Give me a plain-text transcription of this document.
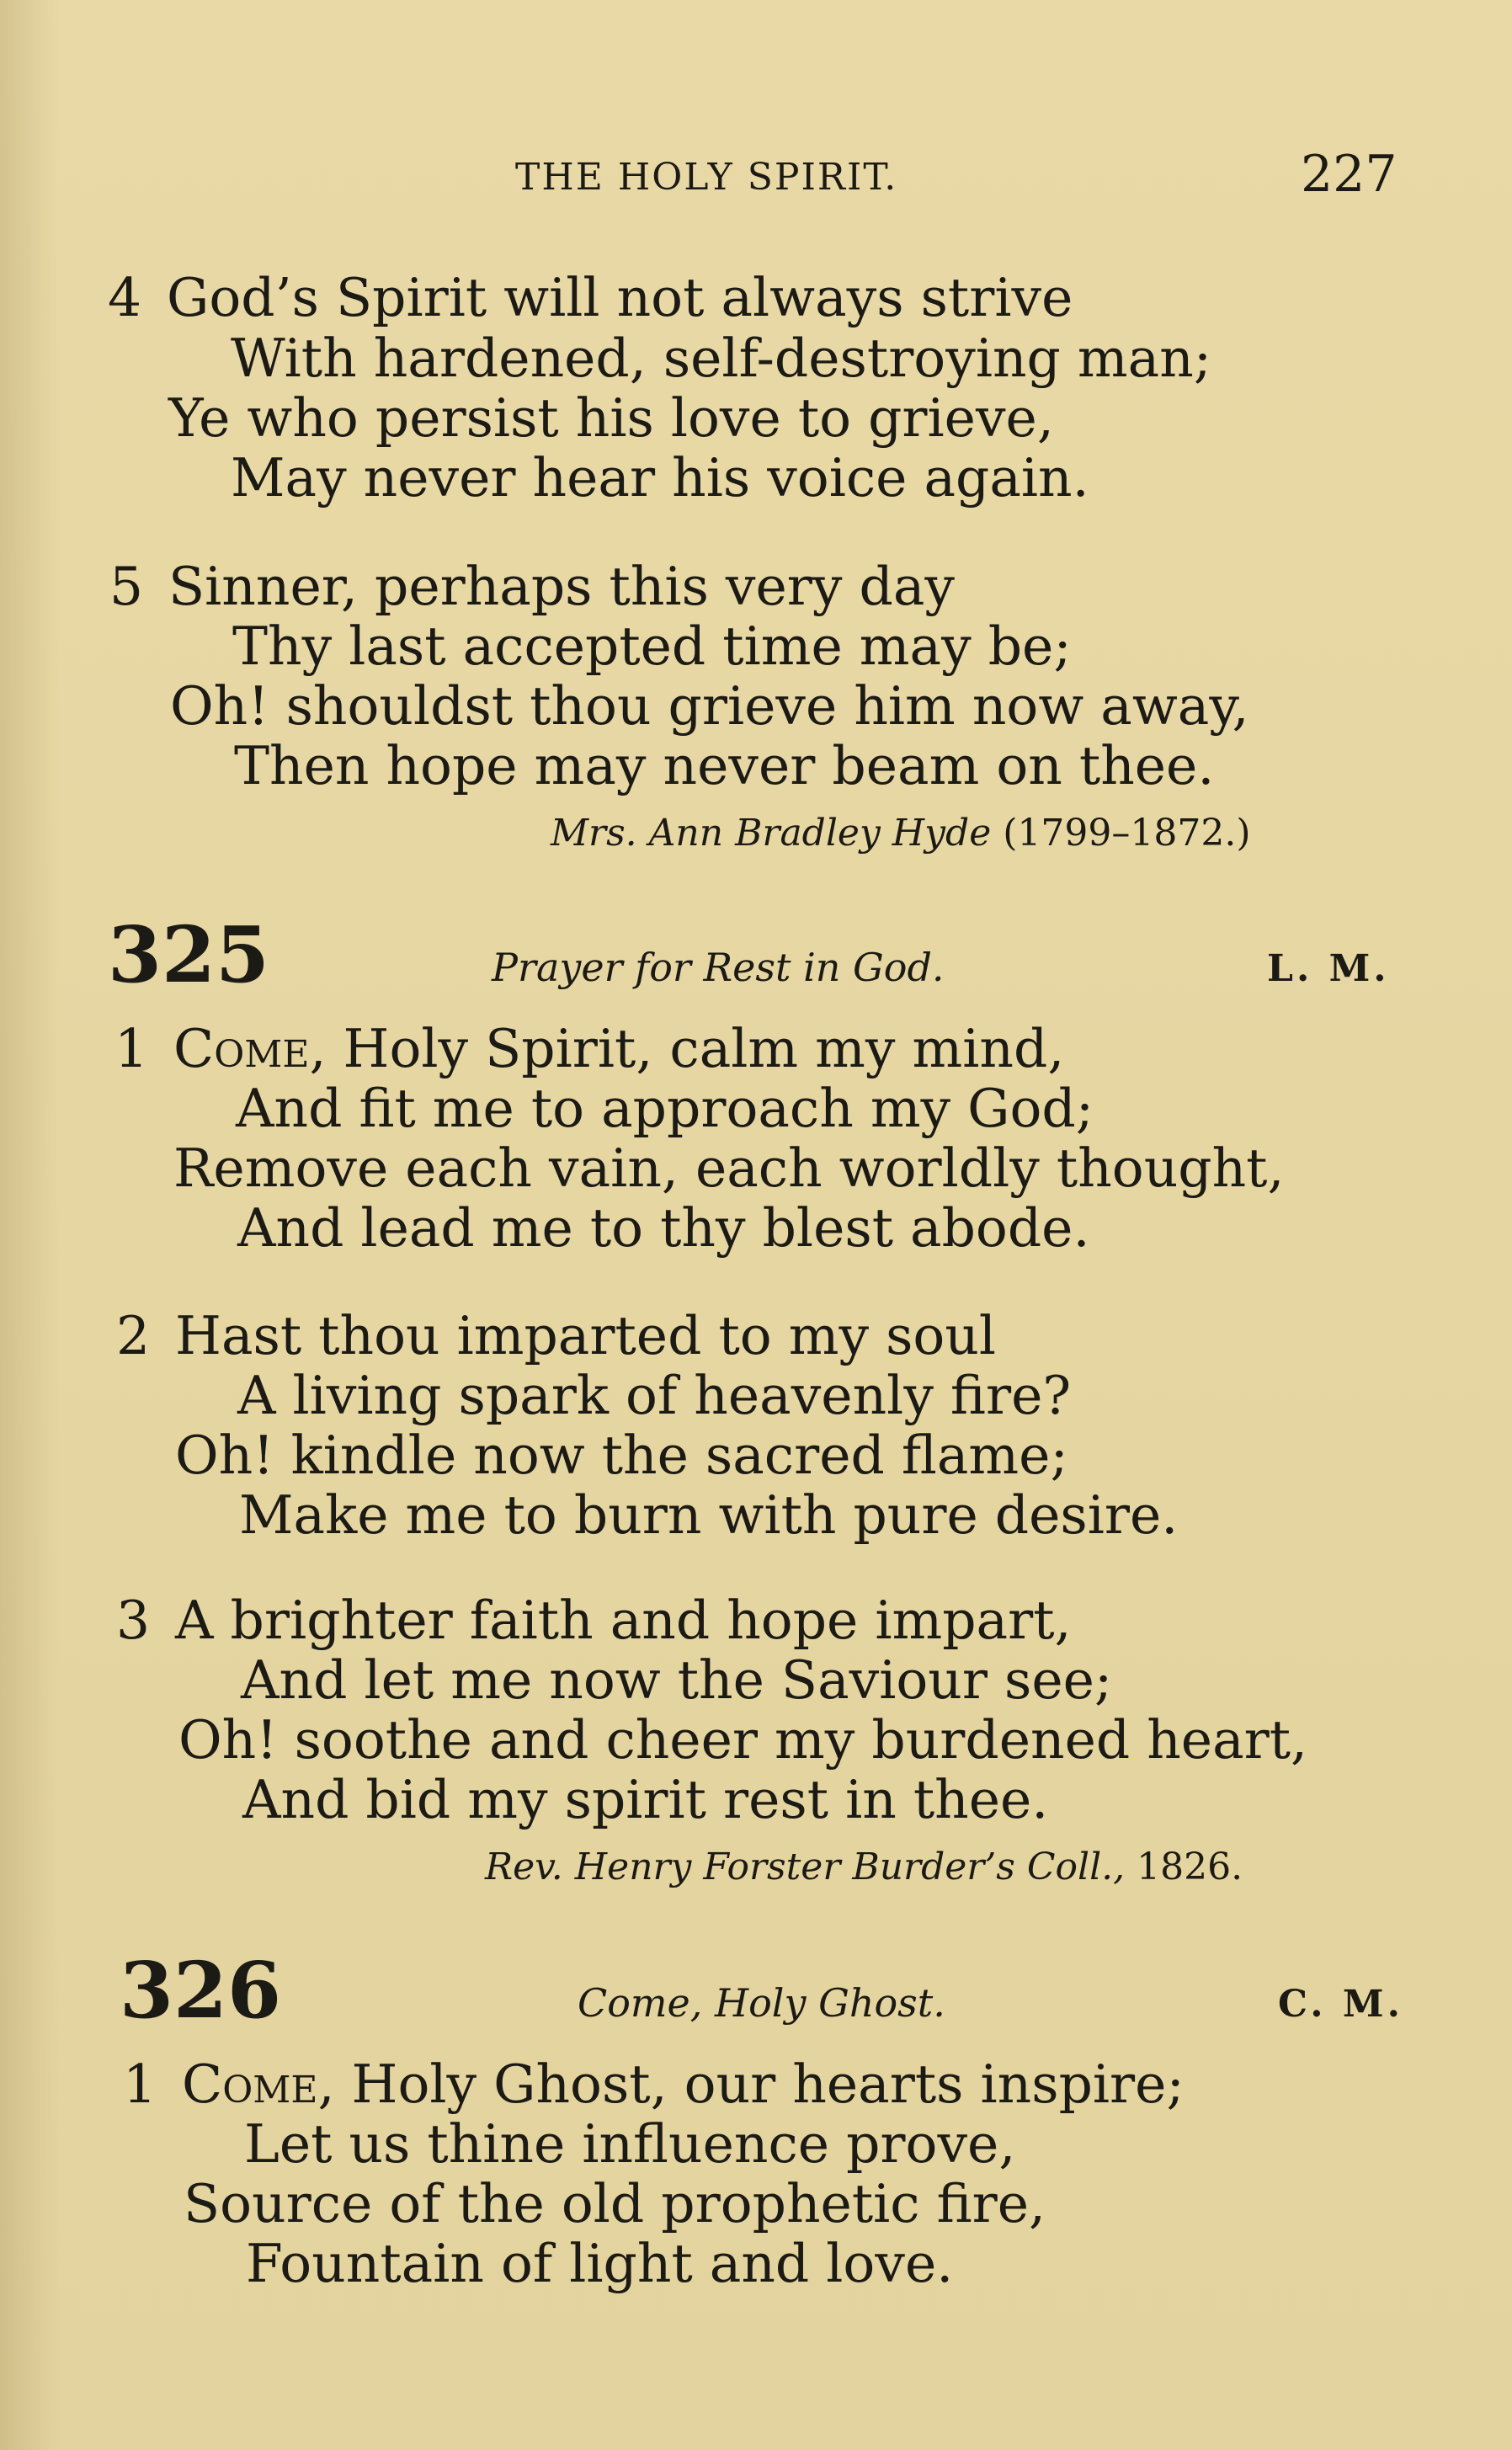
THE HOLY SPIRIT.	227
4 God’s Spirit will not always strive
With hardened, self-destroying man;
Ye who persist his love to grieve,
May never hear his voice again.
5 Sinner, perhaps this very day
Thy last accepted time may be;
Oh! shouldst thou grieve him now away,
Then hope may never beam on thee.
Mrs. Ann Bradley Hyde (1799–1872.)
325	Prayer for Rest in God.	L. M.
1 Come, Holy Spirit, calm my mind,
And fit me to approach my God;
Remove each vain, each worldly thought,
And lead me to thy blest abode.
2 Hast thou imparted to my soul
A living spark of heavenly fire?
Oh! kindle now the sacred flame;
Make me to burn with pure desire.
3 A brighter faith and hope impart,
And let me now the Saviour see;
Oh! soothe and cheer my burdened heart,
And bid my spirit rest in thee.
Rev. Henry Forster Burder’s Coll., 1826.
326	Come, Holy Ghost.	C. M.
1 Come, Holy Ghost, our hearts inspire;
Let us thine influence prove,
Source of the old prophetic fire,
Fountain of light and love.
